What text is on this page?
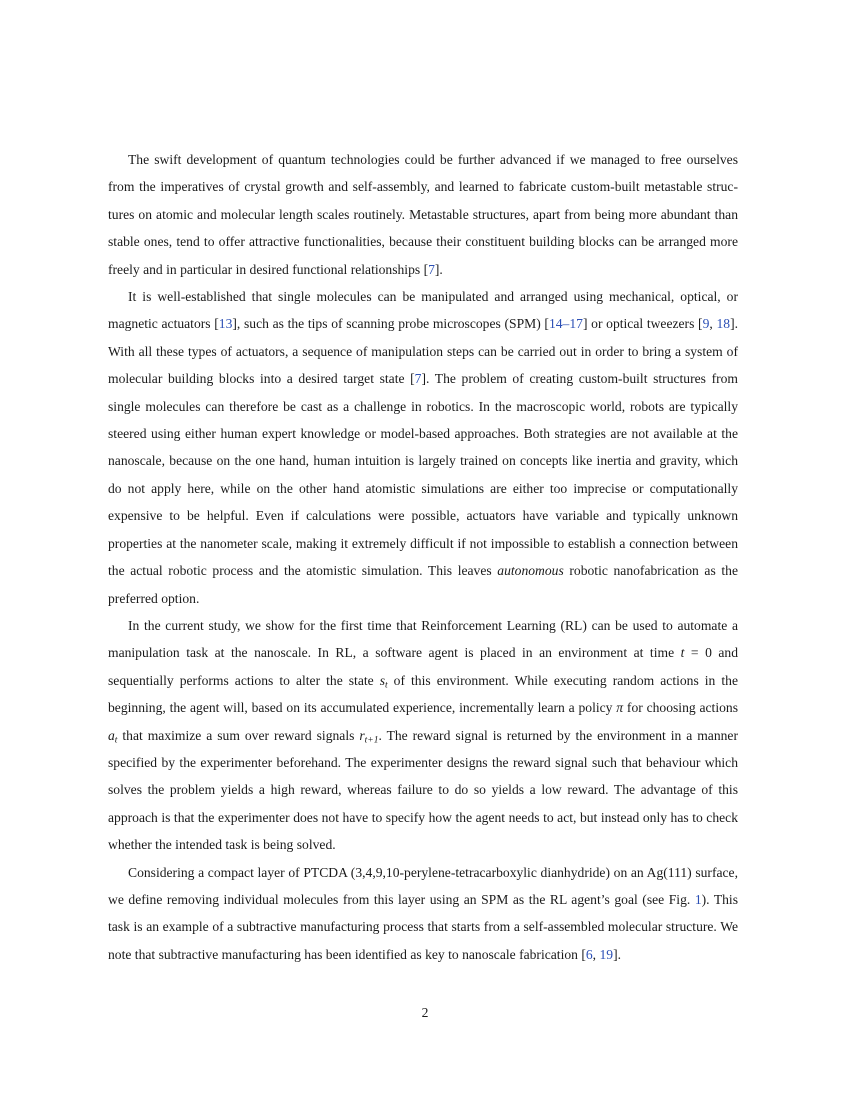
The swift development of quantum technologies could be further advanced if we managed to free ourselves from the imperatives of crystal growth and self-assembly, and learned to fabricate custom-built metastable structures on atomic and molecular length scales routinely. Metastable structures, apart from being more abundant than stable ones, tend to offer attractive functionalities, because their constituent building blocks can be arranged more freely and in particular in desired functional relationships [7].

It is well-established that single molecules can be manipulated and arranged using mechanical, optical, or magnetic actuators [13], such as the tips of scanning probe microscopes (SPM) [14–17] or optical tweezers [9, 18]. With all these types of actuators, a sequence of manipulation steps can be carried out in order to bring a system of molecular building blocks into a desired target state [7]. The problem of creating custom-built structures from single molecules can therefore be cast as a challenge in robotics. In the macroscopic world, robots are typically steered using either human expert knowledge or model-based approaches. Both strategies are not available at the nanoscale, because on the one hand, human intuition is largely trained on concepts like inertia and gravity, which do not apply here, while on the other hand atomistic simulations are either too imprecise or computationally expensive to be helpful. Even if calculations were possible, actuators have variable and typically unknown properties at the nanometer scale, making it extremely difficult if not impossible to establish a connection between the actual robotic process and the atomistic simulation. This leaves autonomous robotic nanofabrication as the preferred option.

In the current study, we show for the first time that Reinforcement Learning (RL) can be used to automate a manipulation task at the nanoscale. In RL, a software agent is placed in an environment at time t = 0 and sequentially performs actions to alter the state $s_t$ of this environment. While executing random actions in the beginning, the agent will, based on its accumulated experience, incrementally learn a policy π for choosing actions $a_t$ that maximize a sum over reward signals $r_{t+1}$. The reward signal is returned by the environment in a manner specified by the experimenter beforehand. The experimenter designs the reward signal such that behaviour which solves the problem yields a high reward, whereas failure to do so yields a low reward. The advantage of this approach is that the experimenter does not have to specify how the agent needs to act, but instead only has to check whether the intended task is being solved.

Considering a compact layer of PTCDA (3,4,9,10-perylene-tetracarboxylic dianhydride) on an Ag(111) surface, we define removing individual molecules from this layer using an SPM as the RL agent’s goal (see Fig. 1). This task is an example of a subtractive manufacturing process that starts from a self-assembled molecular structure. We note that subtractive manufacturing has been identified as key to nanoscale fabrication [6, 19].

2
